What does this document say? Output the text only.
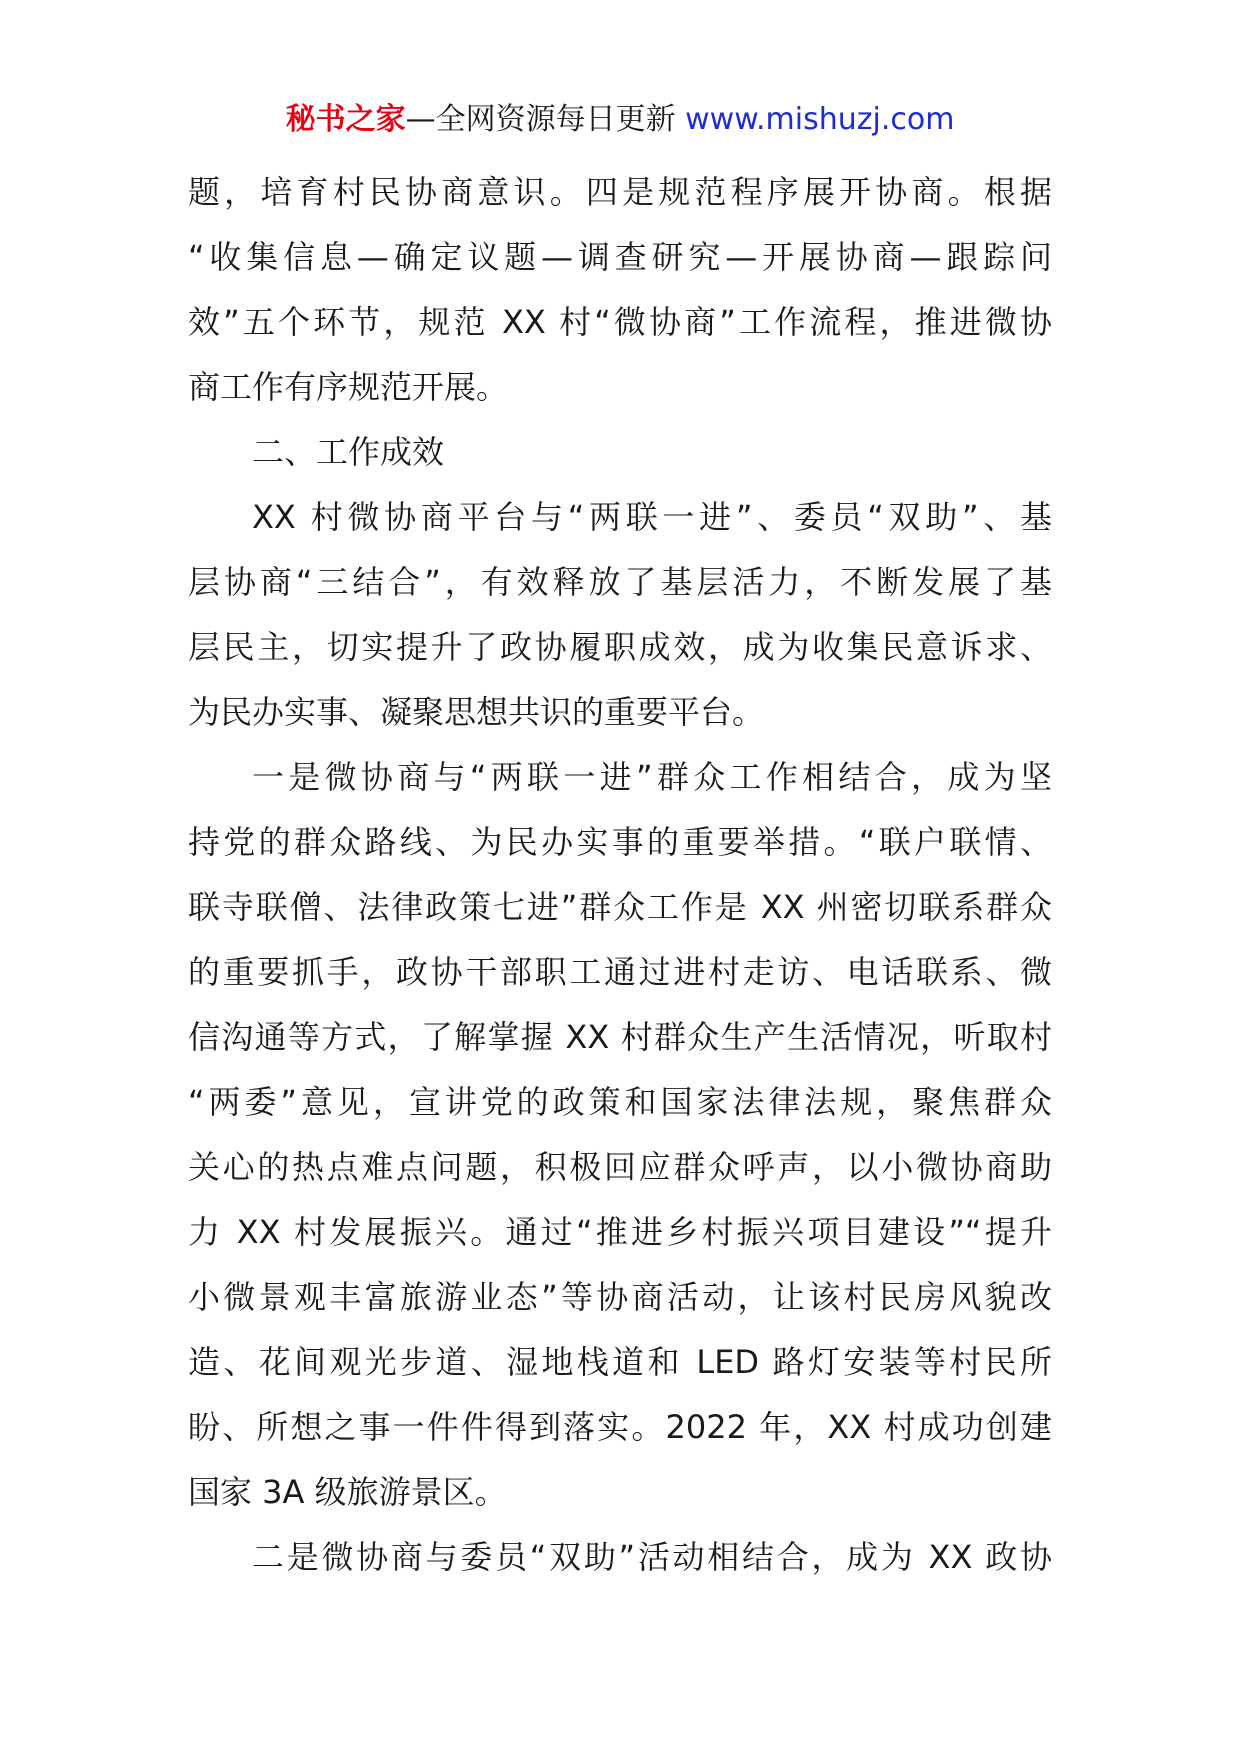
秘书之家—全网资源每日更新 www.mishuzj.com
题，培育村民协商意识。四是规范程序展开协商。根据
“收集信息—确定议题—调查研究—开展协商—跟踪问
效”五个环节，规范 XX 村“微协商”工作流程，推进微协
商工作有序规范开展。
二、工作成效
XX 村微协商平台与“两联一进”、委员“双助”、基
层协商“三结合”，有效释放了基层活力，不断发展了基
层民主，切实提升了政协履职成效，成为收集民意诉求、
为民办实事、凝聚思想共识的重要平台。
一是微协商与“两联一进”群众工作相结合，成为坚
持党的群众路线、为民办实事的重要举措。“联户联情、
联寺联僧、法律政策七进”群众工作是 XX 州密切联系群众
的重要抓手，政协干部职工通过进村走访、电话联系、微
信沟通等方式，了解掌握 XX 村群众生产生活情况，听取村
“两委”意见，宣讲党的政策和国家法律法规，聚焦群众
关心的热点难点问题，积极回应群众呼声，以小微协商助
力 XX 村发展振兴。通过“推进乡村振兴项目建设”“提升
小微景观丰富旅游业态”等协商活动，让该村民房风貌改
造、花间观光步道、湿地栈道和 LED 路灯安装等村民所
盼、所想之事一件件得到落实。2022 年，XX 村成功创建
国家 3A 级旅游景区。
二是微协商与委员“双助”活动相结合，成为 XX 政协
